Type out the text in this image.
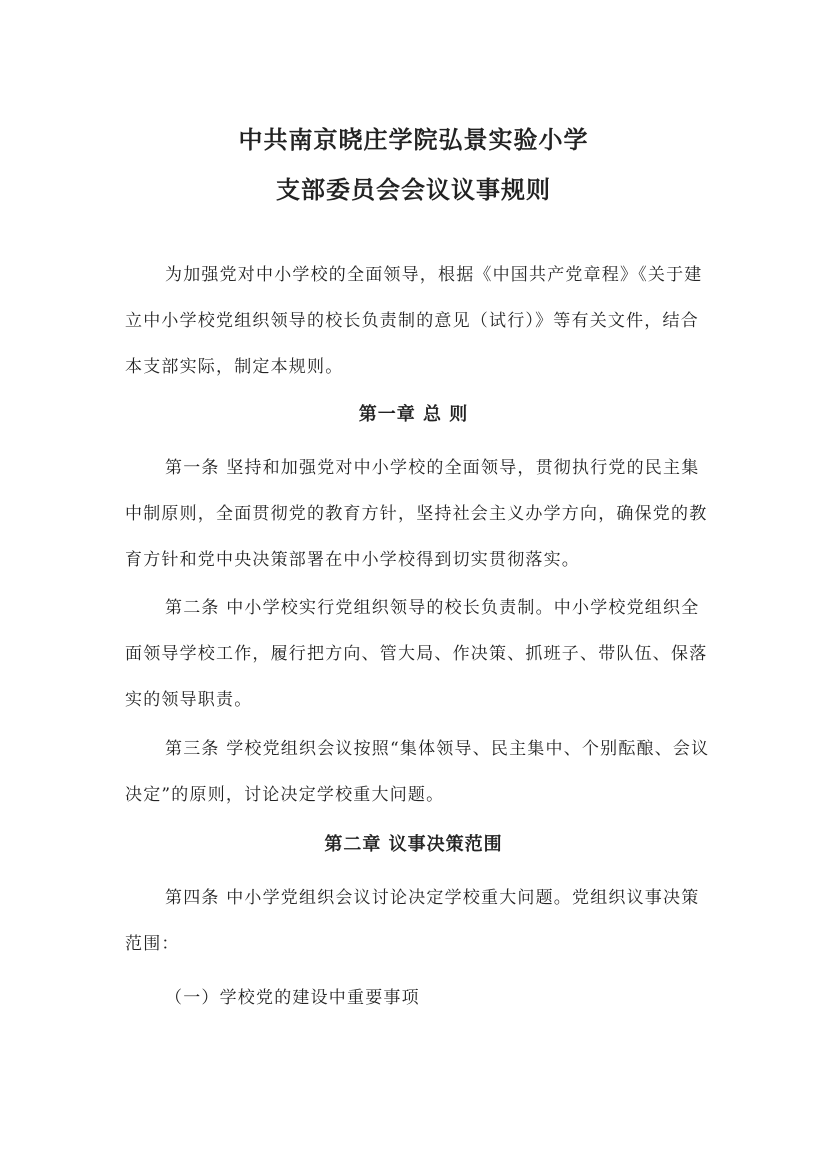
中共南京晓庄学院弘景实验小学
支部委员会会议议事规则

为加强党对中小学校的全面领导，根据《中国共产党章程》《关于建立中小学校党组织领导的校长负责制的意见（试行）》等有关文件，结合本支部实际，制定本规则。

第一章 总 则

第一条 坚持和加强党对中小学校的全面领导，贯彻执行党的民主集中制原则，全面贯彻党的教育方针，坚持社会主义办学方向，确保党的教育方针和党中央决策部署在中小学校得到切实贯彻落实。

第二条 中小学校实行党组织领导的校长负责制。中小学校党组织全面领导学校工作，履行把方向、管大局、作决策、抓班子、带队伍、保落实的领导职责。

第三条 学校党组织会议按照“集体领导、民主集中、个别酝酿、会议决定”的原则，讨论决定学校重大问题。

第二章 议事决策范围

第四条 中小学党组织会议讨论决定学校重大问题。党组织议事决策范围：

（一）学校党的建设中重要事项
